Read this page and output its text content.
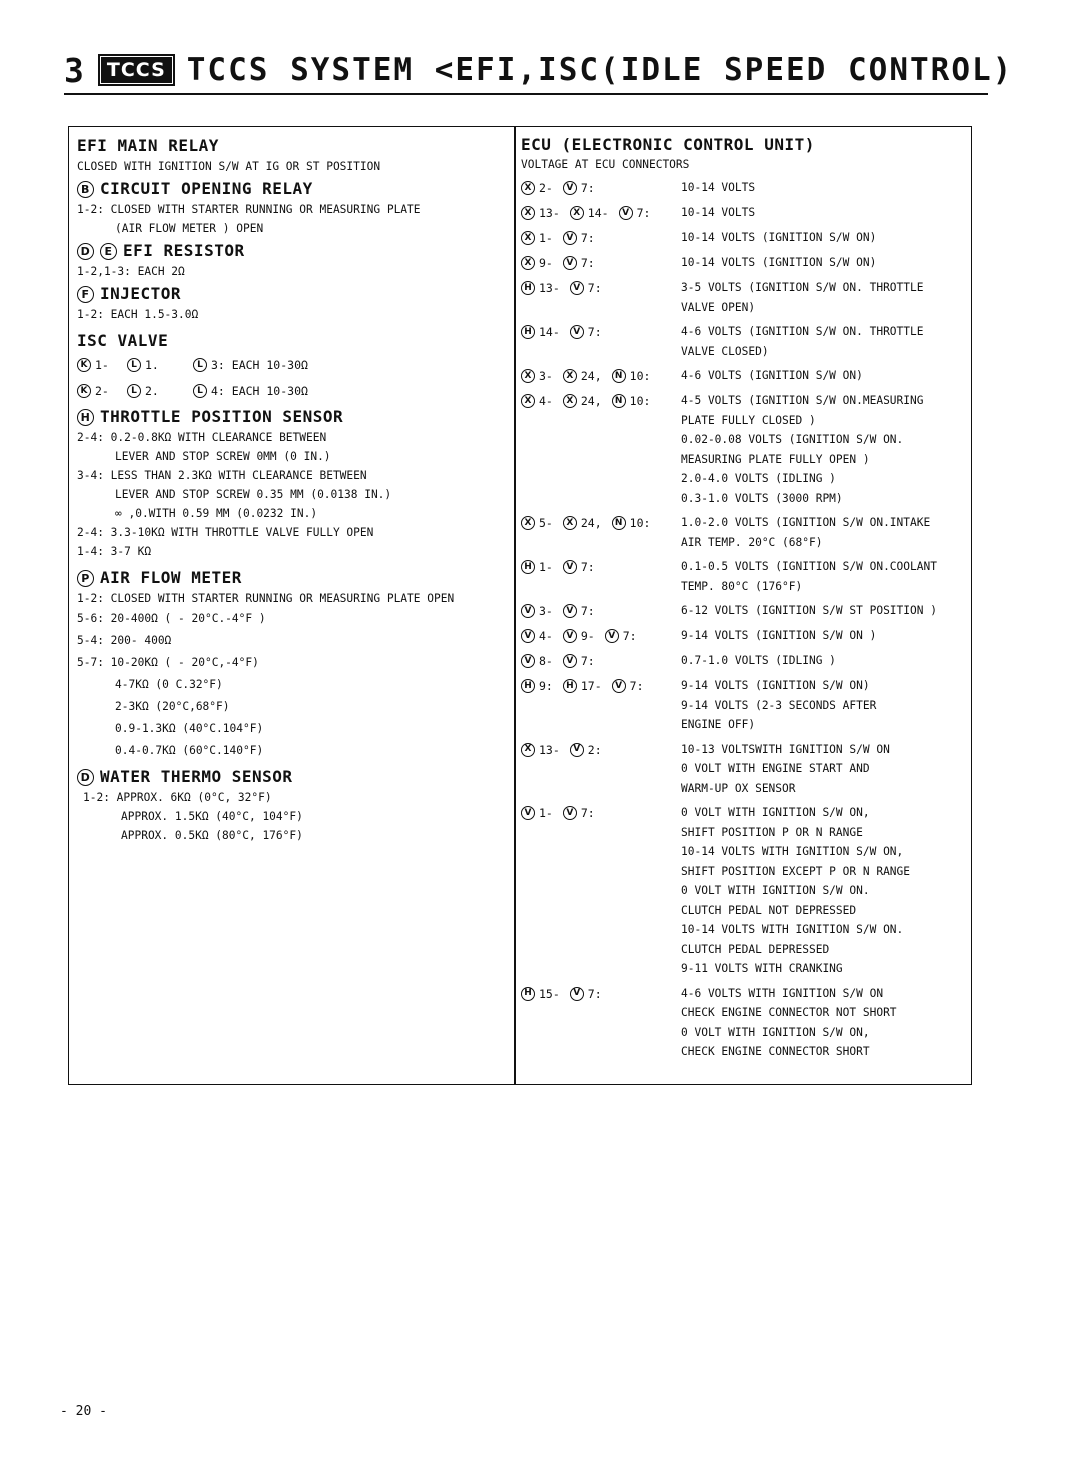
3	TCCS TCCS SYSTEM <EFI,ISC(IDLE SPEED CONTROL)
EFI MAIN RELAY
CLOSED WITH IGNITION S/W AT IG OR ST POSITION
B CIRCUIT OPENING RELAY
1-2: CLOSED WITH STARTER RUNNING OR MEASURING PLATE
(AIR FLOW METER ) OPEN
D E EFI RESISTOR
1-2,1-3: EACH 2Ω
F INJECTOR
1-2: EACH 1.5-3.0Ω
ISC VALVE
K 1-	L 1.	L 3: EACH 10-30Ω
K 2-	L 2.	L 4: EACH 10-30Ω
H THROTTLE POSITION SENSOR
2-4: 0.2-0.8KΩ WITH CLEARANCE BETWEEN
LEVER AND STOP SCREW 0MM (0 IN.)
3-4: LESS THAN 2.3KΩ WITH CLEARANCE BETWEEN
LEVER AND STOP SCREW 0.35 MM (0.0138 IN.)
∞ ,0.WITH 0.59 MM (0.0232 IN.)
2-4: 3.3-10KΩ WITH THROTTLE VALVE FULLY OPEN
1-4: 3-7 KΩ
P AIR FLOW METER
1-2: CLOSED WITH STARTER RUNNING OR MEASURING PLATE OPEN
5-6: 20-400Ω ( - 20°C.-4°F )
5-4: 200- 400Ω
5-7: 10-20KΩ ( - 20°C,-4°F)
4-7KΩ (0 C.32°F)
2-3KΩ (20°C,68°F)
0.9-1.3KΩ (40°C.104°F)
0.4-0.7KΩ (60°C.140°F)
D WATER THERMO SENSOR
1-2: APPROX. 6KΩ (0°C, 32°F)
APPROX. 1.5KΩ (40°C, 104°F)
APPROX. 0.5KΩ (80°C, 176°F)
ECU (ELECTRONIC CONTROL UNIT)
VOLTAGE AT ECU CONNECTORS
X 2-	V 7:	10-14 VOLTS
X 13-	X 14-	V 7:	10-14 VOLTS
X 1-	V 7:	10-14 VOLTS (IGNITION S/W ON)
X 9-	V 7:	10-14 VOLTS (IGNITION S/W ON)
H 13-	V 7:	3-5 VOLTS (IGNITION S/W ON. THROTTLE
VALVE OPEN)
H 14-	V 7:	4-6 VOLTS (IGNITION S/W ON. THROTTLE
VALVE CLOSED)
X 3-	X 24,	N 10:	4-6 VOLTS (IGNITION S/W ON)
X 4-	X 24,	N 10:	4-5 VOLTS (IGNITION S/W ON.MEASURING
PLATE FULLY CLOSED )
0.02-0.08 VOLTS (IGNITION S/W ON.
MEASURING PLATE FULLY OPEN )
2.0-4.0 VOLTS (IDLING )
0.3-1.0 VOLTS (3000 RPM)
X 5-	X 24,	N 10:	1.0-2.0 VOLTS (IGNITION S/W ON.INTAKE
AIR TEMP. 20°C (68°F)
H 1-	V 7:	0.1-0.5 VOLTS (IGNITION S/W ON.COOLANT
TEMP. 80°C (176°F)
V 3-	V 7:	6-12 VOLTS (IGNITION S/W ST POSITION )
V 4-	V 9-	V 7:	9-14 VOLTS (IGNITION S/W ON )
V 8-	V 7:	0.7-1.0 VOLTS (IDLING )
H 9:	H 17-	V 7:	9-14 VOLTS (IGNITION S/W ON)
9-14 VOLTS (2-3 SECONDS AFTER
ENGINE OFF)
X 13-	V 2:	10-13 VOLTSWITH IGNITION S/W ON
0 VOLT WITH ENGINE START AND
WARM-UP OX SENSOR
V 1-	V 7:	0 VOLT WITH IGNITION S/W ON,
SHIFT POSITION P OR N RANGE
10-14 VOLTS WITH IGNITION S/W ON,
SHIFT POSITION EXCEPT P OR N RANGE
0 VOLT WITH IGNITION S/W ON.
CLUTCH PEDAL NOT DEPRESSED
10-14 VOLTS WITH IGNITION S/W ON.
CLUTCH PEDAL DEPRESSED
9-11 VOLTS WITH CRANKING
H 15-	V 7:	4-6 VOLTS WITH IGNITION S/W ON
CHECK ENGINE CONNECTOR NOT SHORT
0 VOLT WITH IGNITION S/W ON,
CHECK ENGINE CONNECTOR SHORT
- 20 -
